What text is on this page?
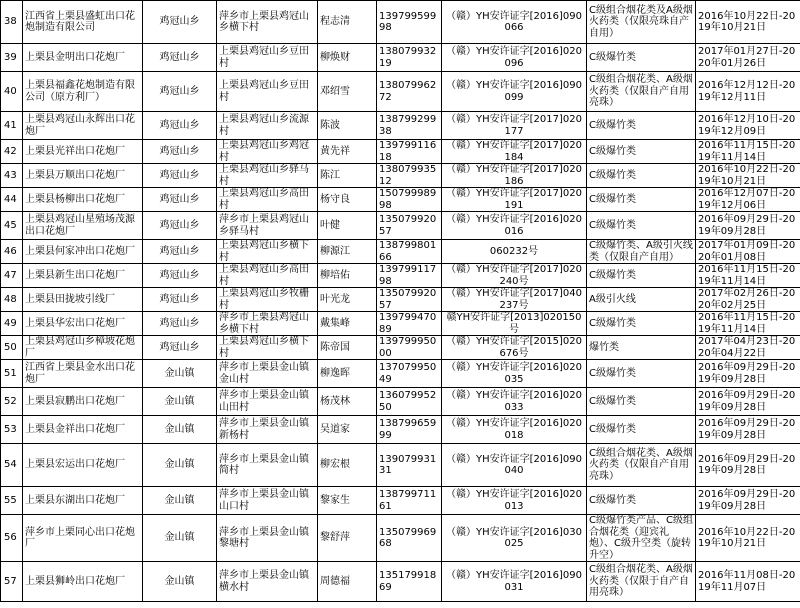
38	江西省上栗县盛虹出口花炮制造有限公司	鸡冠山乡	萍乡市上栗县鸡冠山乡横下村	程志清	13979959998	（赣）YH安许证字[2016]090066	C级组合烟花类及A级烟火药类（仅限亮珠自产自用）	2016年10月22日-2019年10月21日
39	上栗县金明出口花炮厂	鸡冠山乡	上栗县鸡冠山乡豆田村	柳焕财	13807993219	（赣）YH安许证字[2016]020096	C级爆竹类	2017年01月27日-2020年01月26日
40	上栗县福鑫花炮制造有限公司（原方利厂）	鸡冠山乡	上栗县鸡冠山乡豆田村	邓绍雪	13807996272	（赣）YH安许证字[2016]090099	C级组合烟花类、A级烟火药类（仅限自产自用亮珠）	2016年12月12日-2019年12月11日
41	上栗县鸡冠山永辉出口花炮厂	鸡冠山乡	上栗县鸡冠山乡流源村	陈波	13879929938	（赣）YH安许证字[2017]020177	C级爆竹类	2016年12月10日-2019年12月09日
42	上栗县光祥出口花炮厂	鸡冠山乡	上栗县鸡冠山乡鸡冠村	黄先祥	13979911618	（赣）YH安许证字[2017]020184	C级爆竹类	2016年11月15日-2019年11月14日
43	上栗县万顺出口花炮厂	鸡冠山乡	上栗县鸡冠山乡驿马村	陈江	13807993512	（赣）YH安许证字[2017]020186	C级爆竹类	2016年10月22日-2019年10月21日
44	上栗县杨柳出口花炮厂	鸡冠山乡	上栗县鸡冠山乡高田村	杨守良	15079998998	（赣）YH安许证字[2017]020191	C级爆竹类	2016年12月07日-2019年12月06日
45	上栗县鸡冠山星殖场茂源出口花炮厂	鸡冠山乡	萍乡市上栗县鸡冠山乡驿马村	叶健	13507992057	（赣）YH安许证字[2016]020016	C级爆竹类	2016年09月29日-2019年09月28日
46	上栗县何家冲出口花炮厂	鸡冠山乡	上栗县鸡冠山乡横下村	柳源江	13879980166	060232号	C级爆竹类、A级引火线类（仅限自产自用）	2017年01月09日-2020年01月08日
47	上栗县新生出口花炮厂	鸡冠山乡	上栗县鸡冠山乡高田村	柳培佑	13979911798	（赣）YH安许证字[2017]020240号	C级爆竹类	2016年11月15日-2019年11月14日
48	上栗县田拢坡引线厂	鸡冠山乡	上栗县鸡冠山乡牧栅村	叶光龙	13507992057	（赣）YH安许证字[2017]040237号	A级引火线	2017年02月26日-2020年02月25日
49	上栗县华宏出口花炮厂	鸡冠山乡	萍乡市上栗县鸡冠山乡横下村	戴集峰	13979947089	赣YH安许证字[2013]020150号	C级爆竹类	2016年11月15日-2019年11月14日
50	上栗县鸡冠山乡樟坡花炮厂	鸡冠山乡	上栗县鸡冠山乡横下村	陈帝国	13979995000	（赣）YH安许证字[2015]020676号	爆竹类	2017年04月23日-2020年04月22日
51	江西省上栗县金水出口花炮厂	金山镇	萍乡市上栗县金山镇金山村	柳逸晖	13707995049	（赣）YH安许证字[2016]020035	C级爆竹类	2016年09月29日-2019年09月28日
52	上栗县寂鹏出口花炮厂	金山镇	萍乡市上栗县金山镇山田村	杨茂林	13607995250	（赣）YH安许证字[2016]020033	C级爆竹类	2016年09月29日-2019年09月28日
53	上栗县金祥出口花炮厂	金山镇	萍乡市上栗县金山镇新杨村	吴道家	13879965999	（赣）YH安许证字[2016]020018	C级爆竹类	2016年09月29日-2019年09月28日
54	上栗县宏运出口花炮厂	金山镇	萍乡市上栗县金山镇简村	柳宏根	13907993131	（赣）YH安许证字[2016]090040	C级组合烟花类、A级烟火药类（仅限自产自用亮珠）	2016年09月29日-2019年09月28日
55	上栗县东湖出口花炮厂	金山镇	萍乡市上栗县金山镇山口村	黎家生	13879971161	（赣）YH安许证字[2016]020013	C级爆竹类	2016年09月29日-2019年09月28日
56	萍乡市上栗同心出口花炮厂	金山镇	萍乡市上栗县金山镇黎塘村	黎舒萍	13507996968	（赣）YH安许证字[2016]030025	C级爆竹类产品、C级组合烟花类（迎宾礼炮）、C级升空类（旋转升空）	2016年10月22日-2019年10月21日
57	上栗县狮岭出口花炮厂	金山镇	萍乡市上栗县金山镇横水村	周德福	13517991869	（赣）YH安许证字[2016]090031	C级组合烟花类、A级烟火药类（仅限于自产自用亮珠）	2016年11月08日-2019年11月07日
